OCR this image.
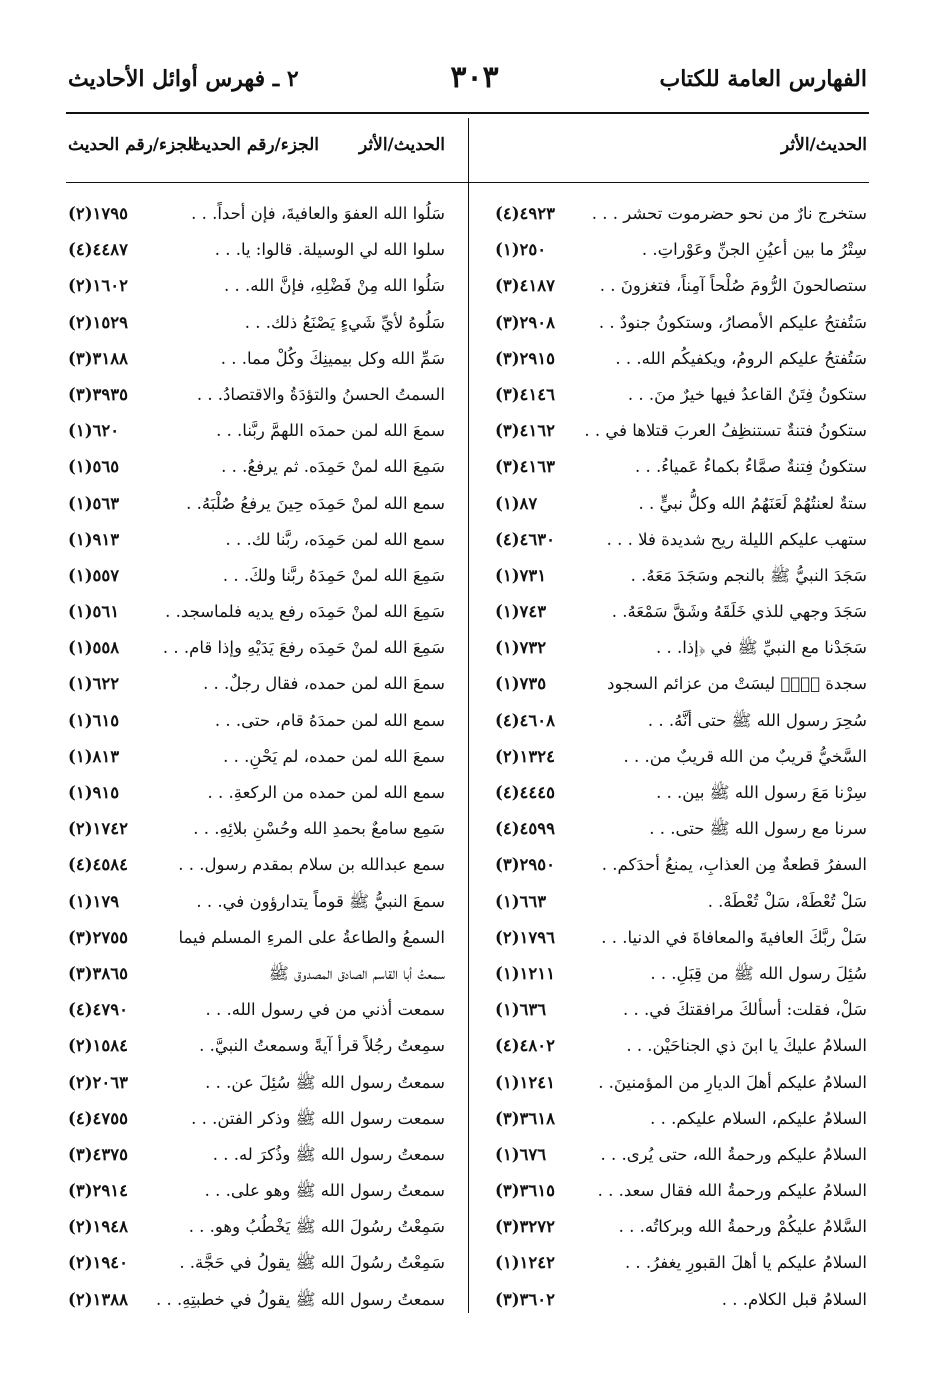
الفهارس العامة للكتاب
٣٠٣
٢ ـ فهرس أوائل الأحاديث
الحديث/الأثر
الجزء/رقم الحديث الحديث/الأثر
الجزء/رقم الحديث
ستخرج نارٌ من نحو حضرموت تحشر . . .
(٤)٤٩٢٣
سِتْرُ ما بين أعيُنِ الجنِّ وعَوْراتِ. .
(١)٢٥٠
ستصالحونَ الرُّومَ صُلْحاً آمِناً، فتغزونَ . .
(٣)٤١٨٧
سَتُفتحُ عليكم الأمصارُ، وستكونُ جنودٌ . .
(٣)٢٩٠٨
سَتُفتحُ عليكم الرومُ، ويكفيكُم الله. . .
(٣)٢٩١٥
ستكونُ فِتَنٌ القاعدُ فيها خيرٌ منَ. . .
(٣)٤١٤٦
ستكونُ فتنةٌ تستنظِفُ العربَ قتلاها في . .
(٣)٤١٦٢
ستكونُ فِتنةٌ صمَّاءُ بكماءُ عَمياءُ. . .
(٣)٤١٦٣
ستةٌ لعنتُهُمْ لَعَنَهُمُ الله وكلُّ نبيٍّ . .
(١)٨٧
ستهب عليكم الليلة ريح شديدة فلا . . .
(٤)٤٦٣٠
سَجَدَ النبيُّ ﷺ بالنجم وسَجَدَ مَعَهُ. .
(١)٧٣١
سَجَدَ وجهي للذي خَلَقَهُ وشَقَّ سَمْعَهُ. .
(١)٧٤٣
سَجَدْنا مع النبيِّ ﷺ في ﴿إذا. . .
(١)٧٣٢
سجدة ﴿صۤ﴾ ليسَتْ من عزائم السجود
(١)٧٣٥
سُحِرَ رسول الله ﷺ حتى أنَّهُ. . .
(٤)٤٦٠٨
السَّخيُّ قريبٌ من الله قريبٌ من. . .
(٢)١٣٢٤
سِرْنا مَعَ رسول الله ﷺ بين. . .
(٤)٤٤٤٥
سرنا مع رسول الله ﷺ حتى. . .
(٤)٤٥٩٩
السفرُ قطعةٌ مِن العذابِ، يمنعُ أحدَكم. .
(٣)٢٩٥٠
سَلْ تُعْطَهْ، سَلْ تُعْطَهْ. .
(١)٦٦٣
سَلْ ربَّكَ العافيةَ والمعافاةَ في الدنيا. . .
(٢)١٧٩٦
سُئِلَ رسول الله ﷺ من قِبَلِ. . .
(١)١٢١١
سَلْ، فقلت: أسألكَ مرافقتكَ في. . .
(١)٦٣٦
السلامُ عليكَ يا ابنَ ذي الجناحَيْن. . .
(٤)٤٨٠٢
السلامُ عليكم أهلَ الديارِ من المؤمنينَ. .
(١)١٢٤١
السلامُ عليكم، السلام عليكم. . .
(٣)٣٦١٨
السلامُ عليكم ورحمةُ الله، حتى يُرى. . .
(١)٦٧٦
السلامُ عليكم ورحمةُ الله فقال سعد. . .
(٣)٣٦١٥
السَّلامُ عليكُمْ ورحمةُ الله وبركاتُه. . .
(٣)٣٢٧٢
السلامُ عليكم يا أهلَ القبورِ يغفرُ. . .
(١)١٢٤٢
السلامُ قبل الكلام. . .
(٣)٣٦٠٢
سَلُوا الله العفوَ والعافيةَ، فإن أحداً. . .
(٢)١٧٩٥
سلوا الله لي الوسيلة. قالوا: يا. . .
(٤)٤٤٨٧
سَلُوا الله مِنْ فَضْلِهِ، فإنَّ الله. . .
(٢)١٦٠٢
سَلُوهُ لأيِّ شَيءٍ يَصْنَعُ ذلك. . .
(٢)١٥٢٩
سَمِّ الله وكل بيمينِكَ وكُلْ مما. . .
(٣)٣١٨٨
السمتُ الحسنُ والتؤدَةُ والاقتصادُ. . .
(٣)٣٩٣٥
سمعَ الله لمن حمدَه اللهمَّ ربَّنا. . .
(١)٦٢٠
سَمِعَ الله لمنْ حَمِدَه. ثم يرفعُ. . .
(١)٥٦٥
سمع الله لمنْ حَمِدَه حِينَ يرفعُ صُلْبَهُ. .
(١)٥٦٣
سمع الله لمن حَمِدَه، ربَّنا لك. . .
(١)٩١٣
سَمِعَ الله لمنْ حَمِدَهُ ربَّنا ولكَ. . .
(١)٥٥٧
سَمِعَ الله لمنْ حَمِدَه رفع يديه فلماسجد. .
(١)٥٦١
سَمِعَ الله لمنْ حَمِدَه رفعَ يَدَيْهِ وإذا قام. . .
(١)٥٥٨
سمعَ الله لمن حمده، فقال رجلٌ. . .
(١)٦٢٢
سمع الله لمن حمدَهُ قام، حتى. . .
(١)٦١٥
سمعَ الله لمن حمده، لم يَحْنِ. . .
(١)٨١٣
سمع الله لمن حمده من الركعةِ. . .
(١)٩١٥
سَمِع سامعٌ بحمدِ الله وحُسْنِ بلائِهِ. . .
(٢)١٧٤٢
سمع عبدالله بن سلام بمقدم رسول. . .
(٤)٤٥٨٤
سمعَ النبيُّ ﷺ قوماً يتدارؤون في. . .
(١)١٧٩
السمعُ والطاعةُ على المرءِ المسلم فيما
(٣)٢٧٥٥
سمعتُ أبا القاسم الصادق المصدوق ﷺ
(٣)٣٨٦٥
سمعت أذني من في رسول الله. . .
(٤)٤٧٩٠
سمِعتُ رجُلاً قرأ آيةً وسمعتُ النبيَّ. .
(٢)١٥٨٤
سمعتُ رسول الله ﷺ سُئِلَ عن. . .
(٢)٢٠٦٣
سمعت رسول الله ﷺ وذكر الفتن. . .
(٤)٤٧٥٥
سمعتُ رسول الله ﷺ وذُكرَ له. . .
(٣)٤٣٧٥
سمعتُ رسول الله ﷺ وهو على. . .
(٣)٢٩١٤
سَمِعْتُ رسُولَ الله ﷺ يَخْطُبُ وهو. . .
(٢)١٩٤٨
سَمِعْتُ رسُولَ الله ﷺ يقولُ في حَجَّة. .
(٢)١٩٤٠
سمعتُ رسول الله ﷺ يقولُ في خطبتِهِ. . .
(٢)١٣٨٨
